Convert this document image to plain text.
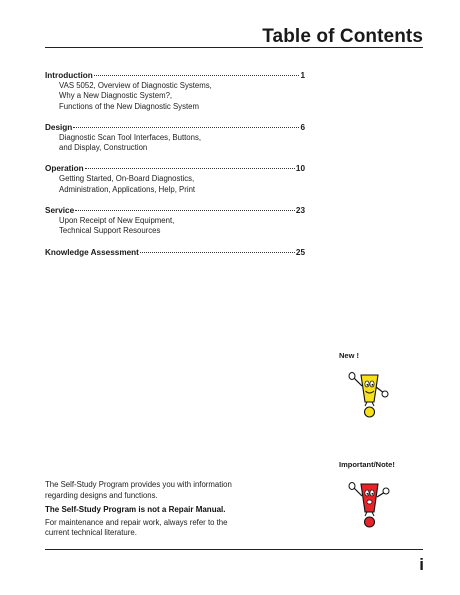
Table of Contents
Introduction	1
VAS 5052, Overview of Diagnostic Systems,
Why a New Diagnostic System?,
Functions of the New Diagnostic System
Design	6
Diagnostic Scan Tool Interfaces, Buttons,
and Display, Construction
Operation	10
Getting Started, On-Board Diagnostics,
Administration, Applications, Help, Print
Service	23
Upon Receipt of New Equipment,
Technical Support Resources
Knowledge Assessment	25
New !
Important/Note!

The Self-Study Program provides you with information

regarding designs and functions.

The Self-Study Program is not a Repair Manual.

For maintenance and repair work, always refer to the

current technical literature.

i
